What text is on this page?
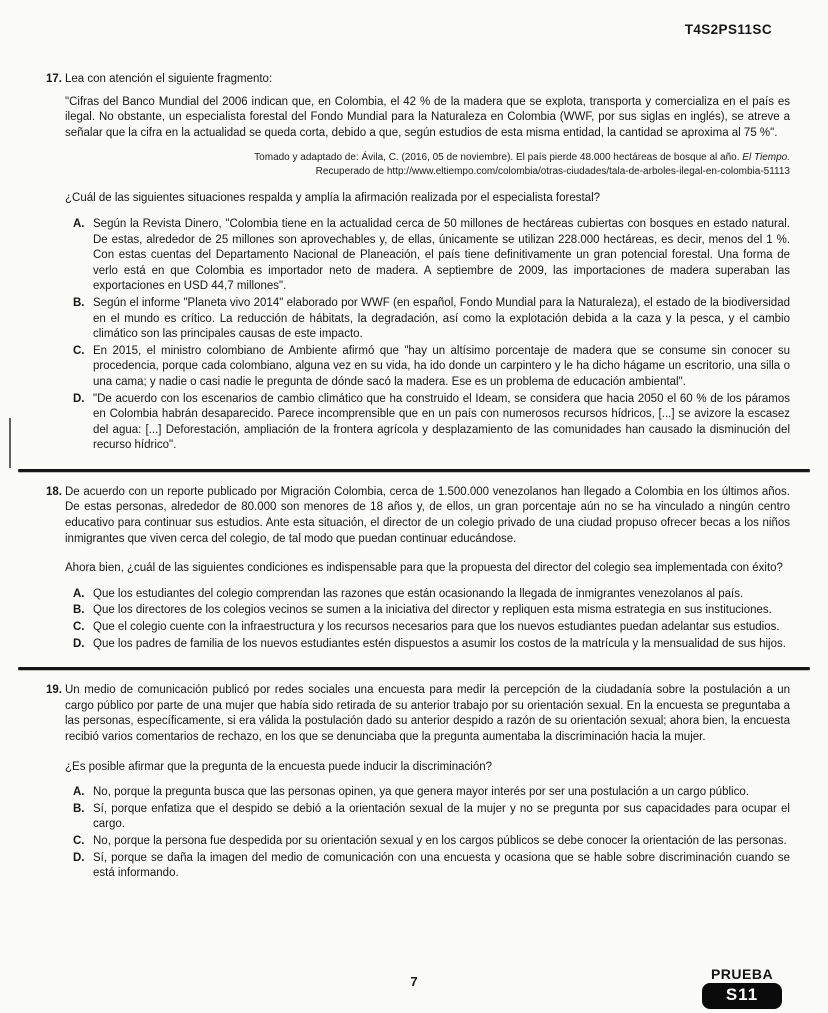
T4S2PS11SC
17. Lea con atención el siguiente fragmento:

"Cifras del Banco Mundial del 2006 indican que, en Colombia, el 42 % de la madera que se explota, transporta y comercializa en el país es ilegal. No obstante, un especialista forestal del Fondo Mundial para la Naturaleza en Colombia (WWF, por sus siglas en inglés), se atreve a señalar que la cifra en la actualidad se queda corta, debido a que, según estudios de esta misma entidad, la cantidad se aproxima al 75 %".

Tomado y adaptado de: Ávila, C. (2016, 05 de noviembre). El país pierde 48.000 hectáreas de bosque al año. El Tiempo.
Recuperado de http://www.eltiempo.com/colombia/otras-ciudades/tala-de-arboles-ilegal-en-colombia-51113

¿Cuál de las siguientes situaciones respalda y amplía la afirmación realizada por el especialista forestal?

A. Según la Revista Dinero, "Colombia tiene en la actualidad cerca de 50 millones de hectáreas cubiertas con bosques en estado natural. De estas, alrededor de 25 millones son aprovechables y, de ellas, únicamente se utilizan 228.000 hectáreas, es decir, menos del 1 %. Con estas cuentas del Departamento Nacional de Planeación, el país tiene definitivamente un gran potencial forestal. Una forma de verlo está en que Colombia es importador neto de madera. A septiembre de 2009, las importaciones de madera superaban las exportaciones en USD 44,7 millones".
B. Según el informe "Planeta vivo 2014" elaborado por WWF (en español, Fondo Mundial para la Naturaleza), el estado de la biodiversidad en el mundo es crítico. La reducción de hábitats, la degradación, así como la explotación debida a la caza y la pesca, y el cambio climático son las principales causas de este impacto.
C. En 2015, el ministro colombiano de Ambiente afirmó que "hay un altísimo porcentaje de madera que se consume sin conocer su procedencia, porque cada colombiano, alguna vez en su vida, ha ido donde un carpintero y le ha dicho hágame un escritorio, una silla o una cama; y nadie o casi nadie le pregunta de dónde sacó la madera. Ese es un problema de educación ambiental".
D. "De acuerdo con los escenarios de cambio climático que ha construido el Ideam, se considera que hacia 2050 el 60 % de los páramos en Colombia habrán desaparecido. Parece incomprensible que en un país con numerosos recursos hídricos, [...] se avizore la escasez del agua: [...] Deforestación, ampliación de la frontera agrícola y desplazamiento de las comunidades han causado la disminución del recurso hídrico".
18. De acuerdo con un reporte publicado por Migración Colombia, cerca de 1.500.000 venezolanos han llegado a Colombia en los últimos años. De estas personas, alrededor de 80.000 son menores de 18 años y, de ellos, un gran porcentaje aún no se ha vinculado a ningún centro educativo para continuar sus estudios. Ante esta situación, el director de un colegio privado de una ciudad propuso ofrecer becas a los niños inmigrantes que viven cerca del colegio, de tal modo que puedan continuar educándose.

Ahora bien, ¿cuál de las siguientes condiciones es indispensable para que la propuesta del director del colegio sea implementada con éxito?

A. Que los estudiantes del colegio comprendan las razones que están ocasionando la llegada de inmigrantes venezolanos al país.
B. Que los directores de los colegios vecinos se sumen a la iniciativa del director y repliquen esta misma estrategia en sus instituciones.
C. Que el colegio cuente con la infraestructura y los recursos necesarios para que los nuevos estudiantes puedan adelantar sus estudios.
D. Que los padres de familia de los nuevos estudiantes estén dispuestos a asumir los costos de la matrícula y la mensualidad de sus hijos.
19. Un medio de comunicación publicó por redes sociales una encuesta para medir la percepción de la ciudadanía sobre la postulación a un cargo público por parte de una mujer que había sido retirada de su anterior trabajo por su orientación sexual. En la encuesta se preguntaba a las personas, específicamente, si era válida la postulación dado su anterior despido a razón de su orientación sexual; ahora bien, la encuesta recibió varios comentarios de rechazo, en los que se denunciaba que la pregunta aumentaba la discriminación hacia la mujer.

¿Es posible afirmar que la pregunta de la encuesta puede inducir la discriminación?

A. No, porque la pregunta busca que las personas opinen, ya que genera mayor interés por ser una postulación a un cargo público.
B. Sí, porque enfatiza que el despido se debió a la orientación sexual de la mujer y no se pregunta por sus capacidades para ocupar el cargo.
C. No, porque la persona fue despedida por su orientación sexual y en los cargos públicos se debe conocer la orientación de las personas.
D. Sí, porque se daña la imagen del medio de comunicación con una encuesta y ocasiona que se hable sobre discriminación cuando se está informando.
7	PRUEBA
S11
